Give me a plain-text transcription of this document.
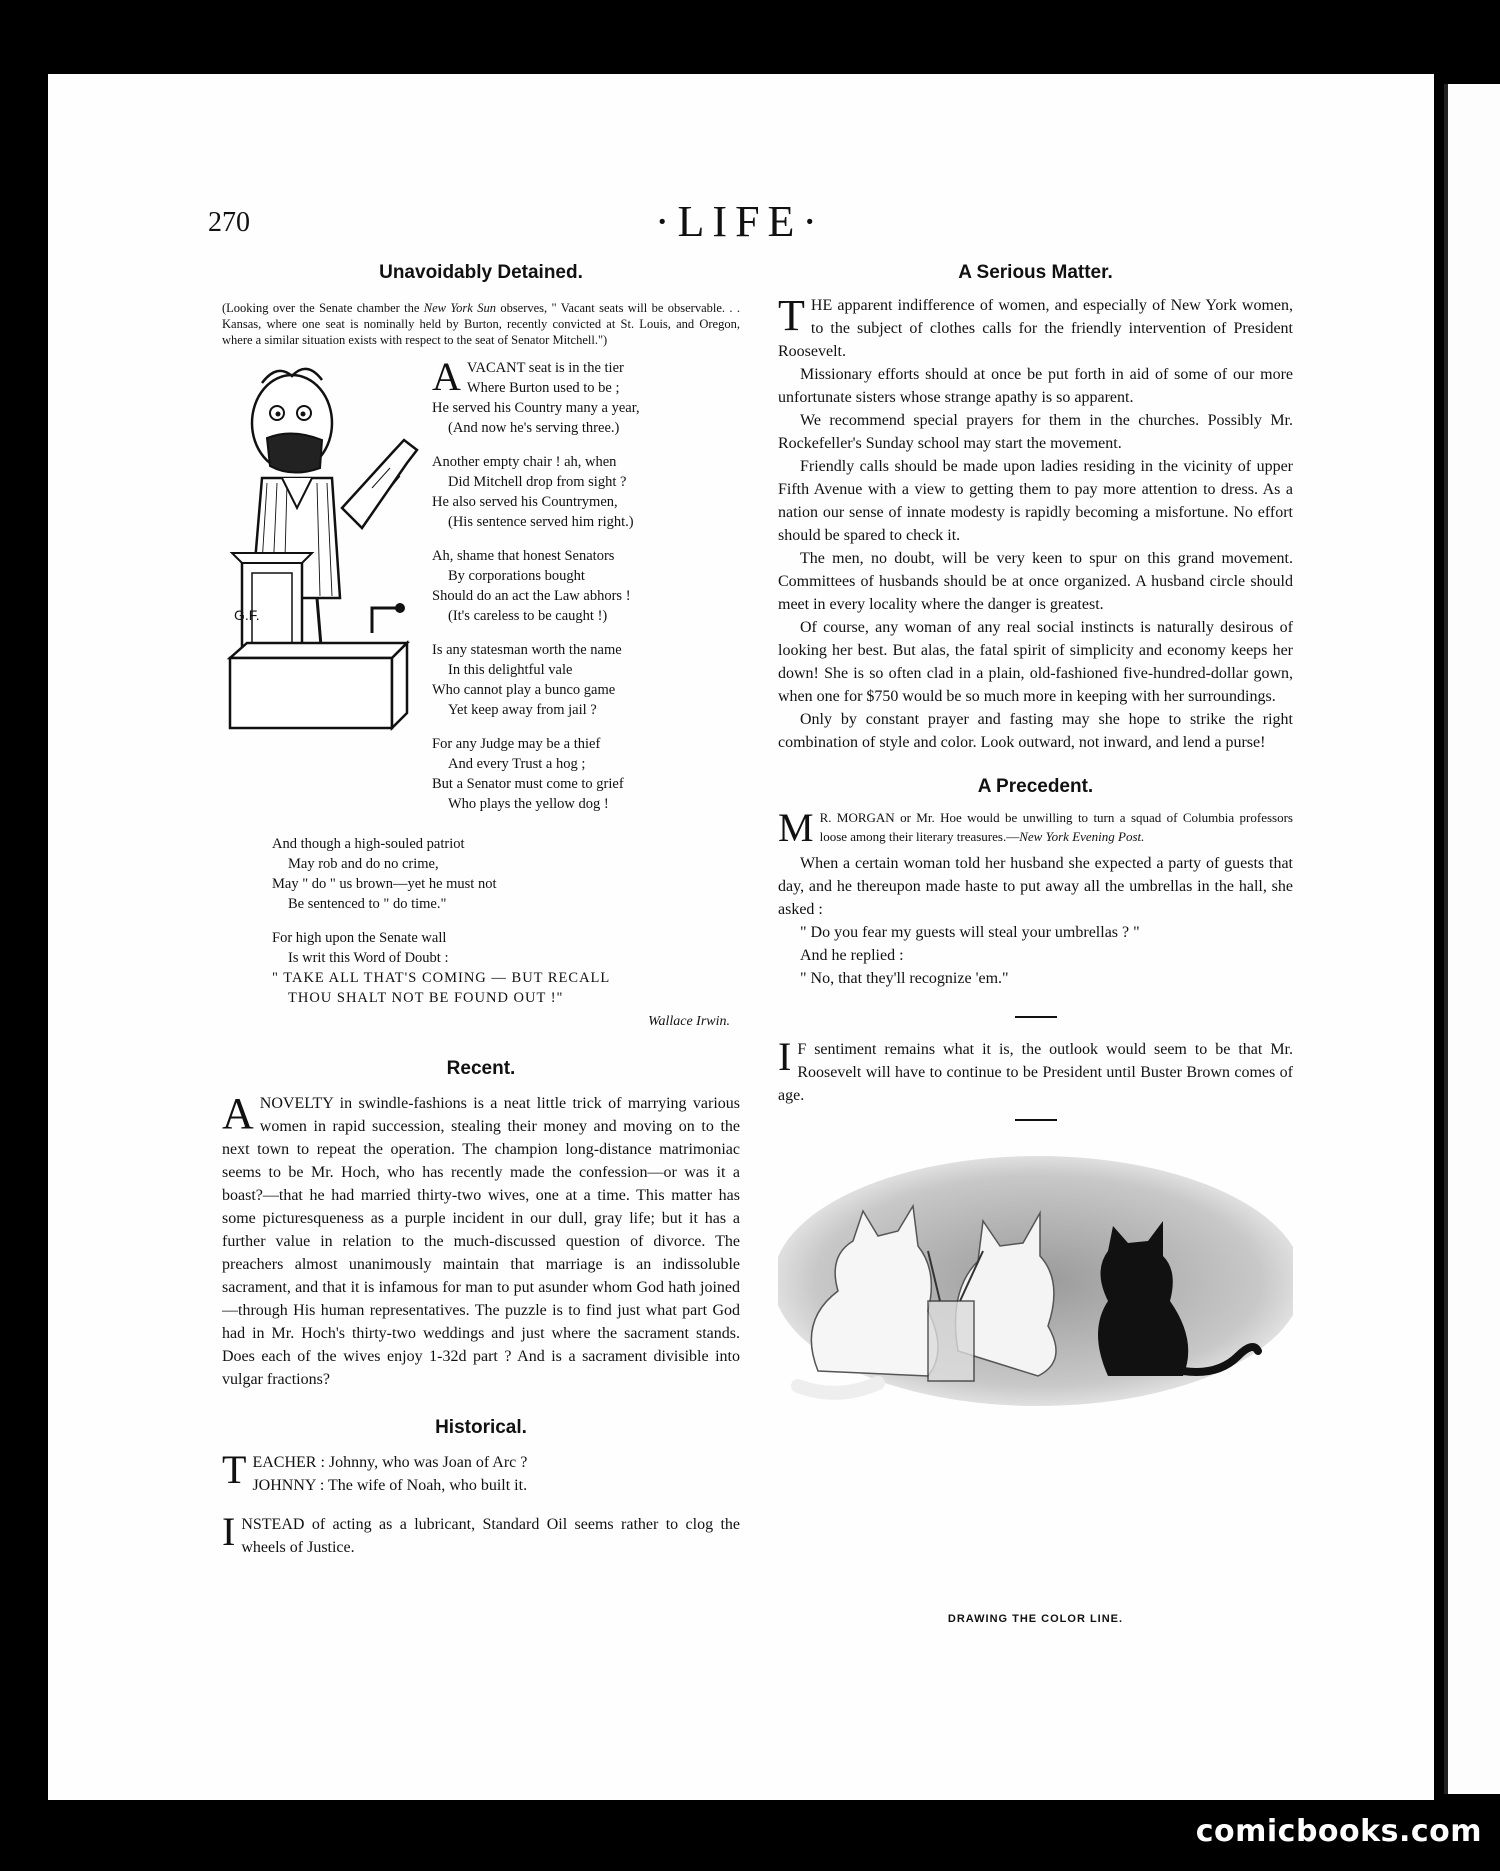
270	·LIFE·
Unavoidably Detained.

(Looking over the Senate chamber the New York Sun observes, " Vacant seats will be observable. . . Kansas, where one seat is nominally held by Burton, recently convicted at St. Louis, and Oregon, where a similar situation exists with respect to the seat of Senator Mitchell.")

G.F.
AVACANT seat is in the tier
Where Burton used to be ;
He served his Country many a year,
(And now he's serving three.)
Another empty chair ! ah, when
Did Mitchell drop from sight ?
He also served his Countrymen,
(His sentence served him right.)
Ah, shame that honest Senators
By corporations bought
Should do an act the Law abhors !
(It's careless to be caught !)
Is any statesman worth the name
In this delightful vale
Who cannot play a bunco game
Yet keep away from jail ?
For any Judge may be a thief
And every Trust a hog ;
But a Senator must come to grief
Who plays the yellow dog !
And though a high-souled patriot
May rob and do no crime,
May " do " us brown—yet he must not
Be sentenced to " do time."
For high upon the Senate wall
Is writ this Word of Doubt :
" TAKE ALL THAT'S COMING — BUT RECALL
THOU SHALT NOT BE FOUND OUT !"
Wallace Irwin.
Recent.

ANOVELTY in swindle-fashions is a neat little trick of marrying various women in rapid succession, stealing their money and moving on to the next town to repeat the operation. The champion long-distance matrimoniac seems to be Mr. Hoch, who has recently made the confession—or was it a boast?—that he had married thirty-two wives, one at a time. This matter has some picturesqueness as a purple incident in our dull, gray life; but it has a further value in relation to the much-discussed question of divorce. The preachers almost unanimously maintain that marriage is an indissoluble sacrament, and that it is infamous for man to put asunder whom God hath joined —through His human representatives. The puzzle is to find just what part God had in Mr. Hoch's thirty-two weddings and just where the sacrament stands. Does each of the wives enjoy 1-32d part ? And is a sacrament divisible into vulgar fractions?

Historical.

TEACHER : Johnny, who was Joan of Arc ?

JOHNNY : The wife of Noah, who built it.

INSTEAD of acting as a lubricant, Standard Oil seems rather to clog the wheels of Justice.

A Serious Matter.

THE apparent indifference of women, and especially of New York women, to the subject of clothes calls for the friendly intervention of President Roosevelt.

Missionary efforts should at once be put forth in aid of some of our more unfortunate sisters whose strange apathy is so apparent.

We recommend special prayers for them in the churches. Possibly Mr. Rockefeller's Sunday school may start the movement.

Friendly calls should be made upon ladies residing in the vicinity of upper Fifth Avenue with a view to getting them to pay more attention to dress. As a nation our sense of innate modesty is rapidly becoming a misfortune. No effort should be spared to check it.

The men, no doubt, will be very keen to spur on this grand movement. Committees of husbands should be at once organized. A husband circle should meet in every locality where the danger is greatest.

Of course, any woman of any real social instincts is naturally desirous of looking her best. But alas, the fatal spirit of simplicity and economy keeps her down! She is so often clad in a plain, old-fashioned five-hundred-dollar gown, when one for $750 would be so much more in keeping with her surroundings.

Only by constant prayer and fasting may she hope to strike the right combination of style and color. Look outward, not inward, and lend a purse!

A Precedent.

M R. MORGAN or Mr. Hoe would be unwilling to turn a squad of Columbia professors loose among their literary treasures.—New York Evening Post.

When a certain woman told her husband she expected a party of guests that day, and he thereupon made haste to put away all the umbrellas in the hall, she asked :

" Do you fear my guests will steal your umbrellas ? "

And he replied :

" No, that they'll recognize 'em."

I F sentiment remains what it is, the outlook would seem to be that Mr. Roosevelt will have to continue to be President until Buster Brown comes of age.

DRAWING THE COLOR LINE.
comicbooks.com
